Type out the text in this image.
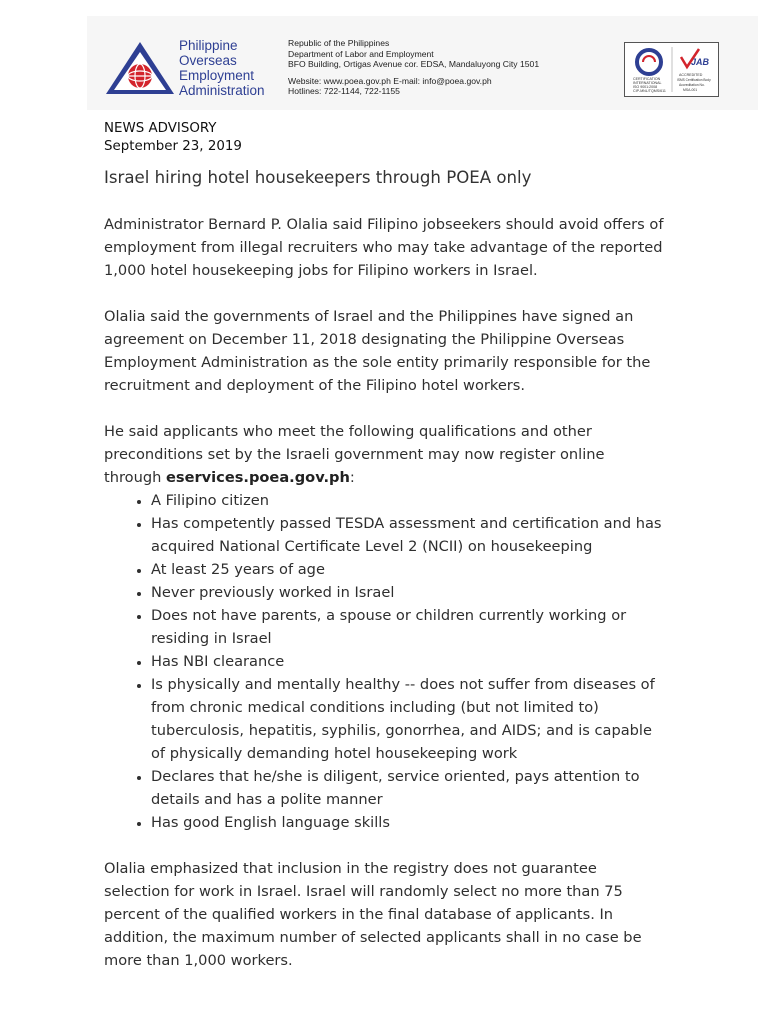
Philippine
Overseas
Employment
Administration
Republic of the Philippines
Department of Labor and Employment
BFO Building, Ortigas Avenue cor. EDSA, Mandaluyong City 1501
Website: www.poea.gov.ph E-mail: info@poea.gov.ph
Hotlines: 722-1144, 722-1155
JAB
CERTIFICATION
INTERNATIONAL
ISO 9001:2008
CIP-MNL/TQMS/611
ACCREDITED
ISMS Certification Body
Accreditation No.
MSA-001
NEWS ADVISORY
September 23, 2019
Israel hiring hotel housekeepers through POEA only

Administrator Bernard P. Olalia said Filipino jobseekers should avoid offers of employment from illegal recruiters who may take advantage of the reported 1,000 hotel housekeeping jobs for Filipino workers in Israel.

Olalia said the governments of Israel and the Philippines have signed an agreement on December 11, 2018 designating the Philippine Overseas Employment Administration as the sole entity primarily responsible for the recruitment and deployment of the Filipino hotel workers.

He said applicants who meet the following qualifications and other preconditions set by the Israeli government may now register online through eservices.poea.gov.ph:

• A Filipino citizen
• Has competently passed TESDA assessment and certification and has acquired National Certificate Level 2 (NCII) on housekeeping
• At least 25 years of age
• Never previously worked in Israel
• Does not have parents, a spouse or children currently working or residing in Israel
• Has NBI clearance
• Is physically and mentally healthy -- does not suffer from diseases of from chronic medical conditions including (but not limited to) tuberculosis, hepatitis, syphilis, gonorrhea, and AIDS; and is capable of physically demanding hotel housekeeping work
• Declares that he/she is diligent, service oriented, pays attention to details and has a polite manner
• Has good English language skills

Olalia emphasized that inclusion in the registry does not guarantee selection for work in Israel. Israel will randomly select no more than 75 percent of the qualified workers in the final database of applicants. In addition, the maximum number of selected applicants shall in no case be more than 1,000 workers.
